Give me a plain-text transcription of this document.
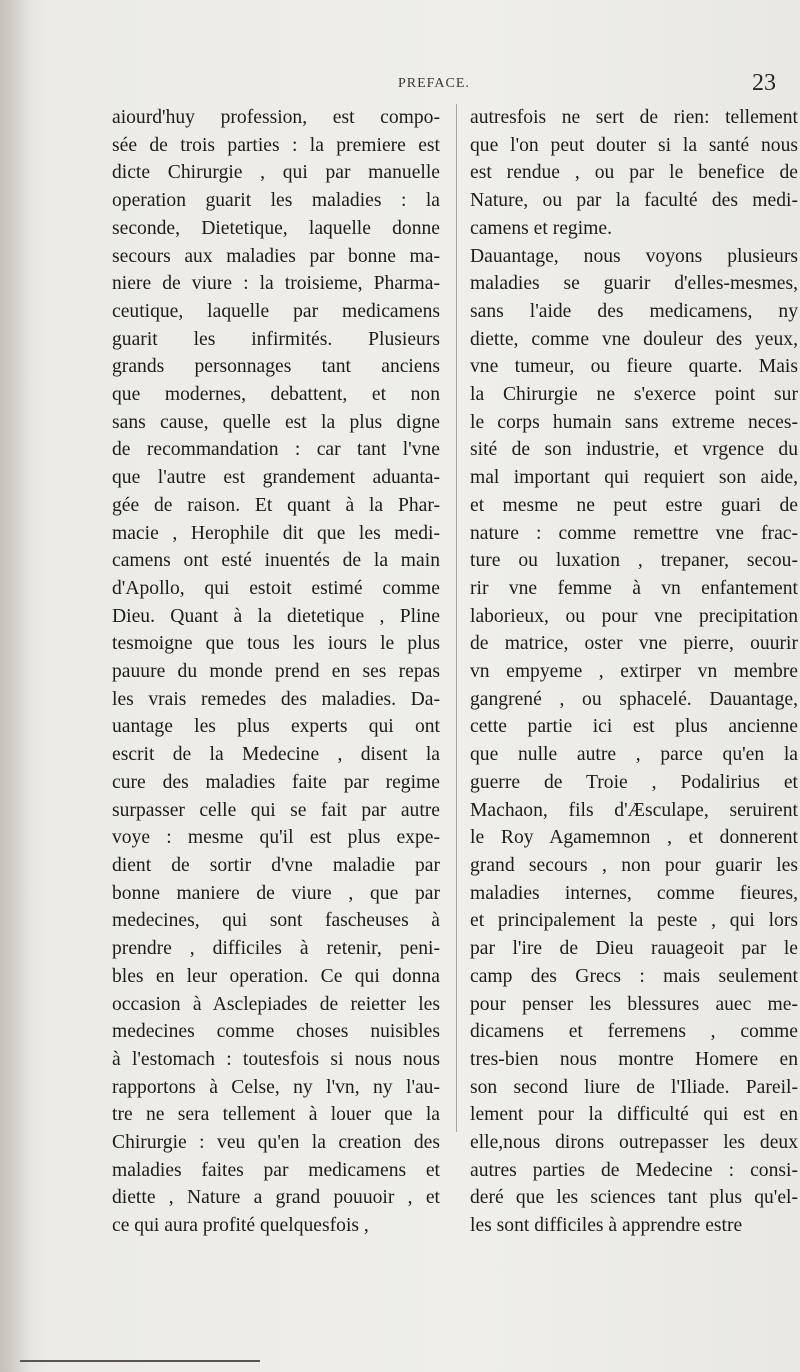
PREFACE.	23
aiourd'huy profession, est compo-
sée de trois parties : la premiere est
dicte Chirurgie , qui par manuelle
operation guarit les maladies : la
seconde, Dietetique, laquelle donne
secours aux maladies par bonne ma-
niere de viure : la troisieme, Pharma-
ceutique, laquelle par medicamens
guarit les infirmités. Plusieurs
grands personnages tant anciens
que modernes, debattent, et non
sans cause, quelle est la plus digne
de recommandation : car tant l'vne
que l'autre est grandement aduanta-
gée de raison. Et quant à la Phar-
macie , Herophile dit que les medi-
camens ont esté inuentés de la main
d'Apollo, qui estoit estimé comme
Dieu. Quant à la dietetique , Pline
tesmoigne que tous les iours le plus
pauure du monde prend en ses repas
les vrais remedes des maladies. Da-
uantage les plus experts qui ont
escrit de la Medecine , disent la
cure des maladies faite par regime
surpasser celle qui se fait par autre
voye : mesme qu'il est plus expe-
dient de sortir d'vne maladie par
bonne maniere de viure , que par
medecines, qui sont fascheuses à
prendre , difficiles à retenir, peni-
bles en leur operation. Ce qui donna
occasion à Asclepiades de reietter les
medecines comme choses nuisibles
à l'estomach : toutesfois si nous nous
rapportons à Celse, ny l'vn, ny l'au-
tre ne sera tellement à louer que la
Chirurgie : veu qu'en la creation des
maladies faites par medicamens et
diette , Nature a grand pouuoir , et
ce qui aura profité quelquesfois ,
autresfois ne sert de rien: tellement
que l'on peut douter si la santé nous
est rendue , ou par le benefice de
Nature, ou par la faculté des medi-
camens et regime.
Dauantage, nous voyons plusieurs
maladies se guarir d'elles-mesmes,
sans l'aide des medicamens, ny
diette, comme vne douleur des yeux,
vne tumeur, ou fieure quarte. Mais
la Chirurgie ne s'exerce point sur
le corps humain sans extreme neces-
sité de son industrie, et vrgence du
mal important qui requiert son aide,
et mesme ne peut estre guari de
nature : comme remettre vne frac-
ture ou luxation , trepaner, secou-
rir vne femme à vn enfantement
laborieux, ou pour vne precipitation
de matrice, oster vne pierre, ouurir
vn empyeme , extirper vn membre
gangrené , ou sphacelé. Dauantage,
cette partie ici est plus ancienne
que nulle autre , parce qu'en la
guerre de Troie , Podalirius et
Machaon, fils d'Æsculape, seruirent
le Roy Agamemnon , et donnerent
grand secours , non pour guarir les
maladies internes, comme fieures,
et principalement la peste , qui lors
par l'ire de Dieu rauageoit par le
camp des Grecs : mais seulement
pour penser les blessures auec me-
dicamens et ferremens , comme
tres-bien nous montre Homere en
son second liure de l'Iliade. Pareil-
lement pour la difficulté qui est en
elle,nous dirons outrepasser les deux
autres parties de Medecine : consi-
deré que les sciences tant plus qu'el-
les sont difficiles à apprendre estre
